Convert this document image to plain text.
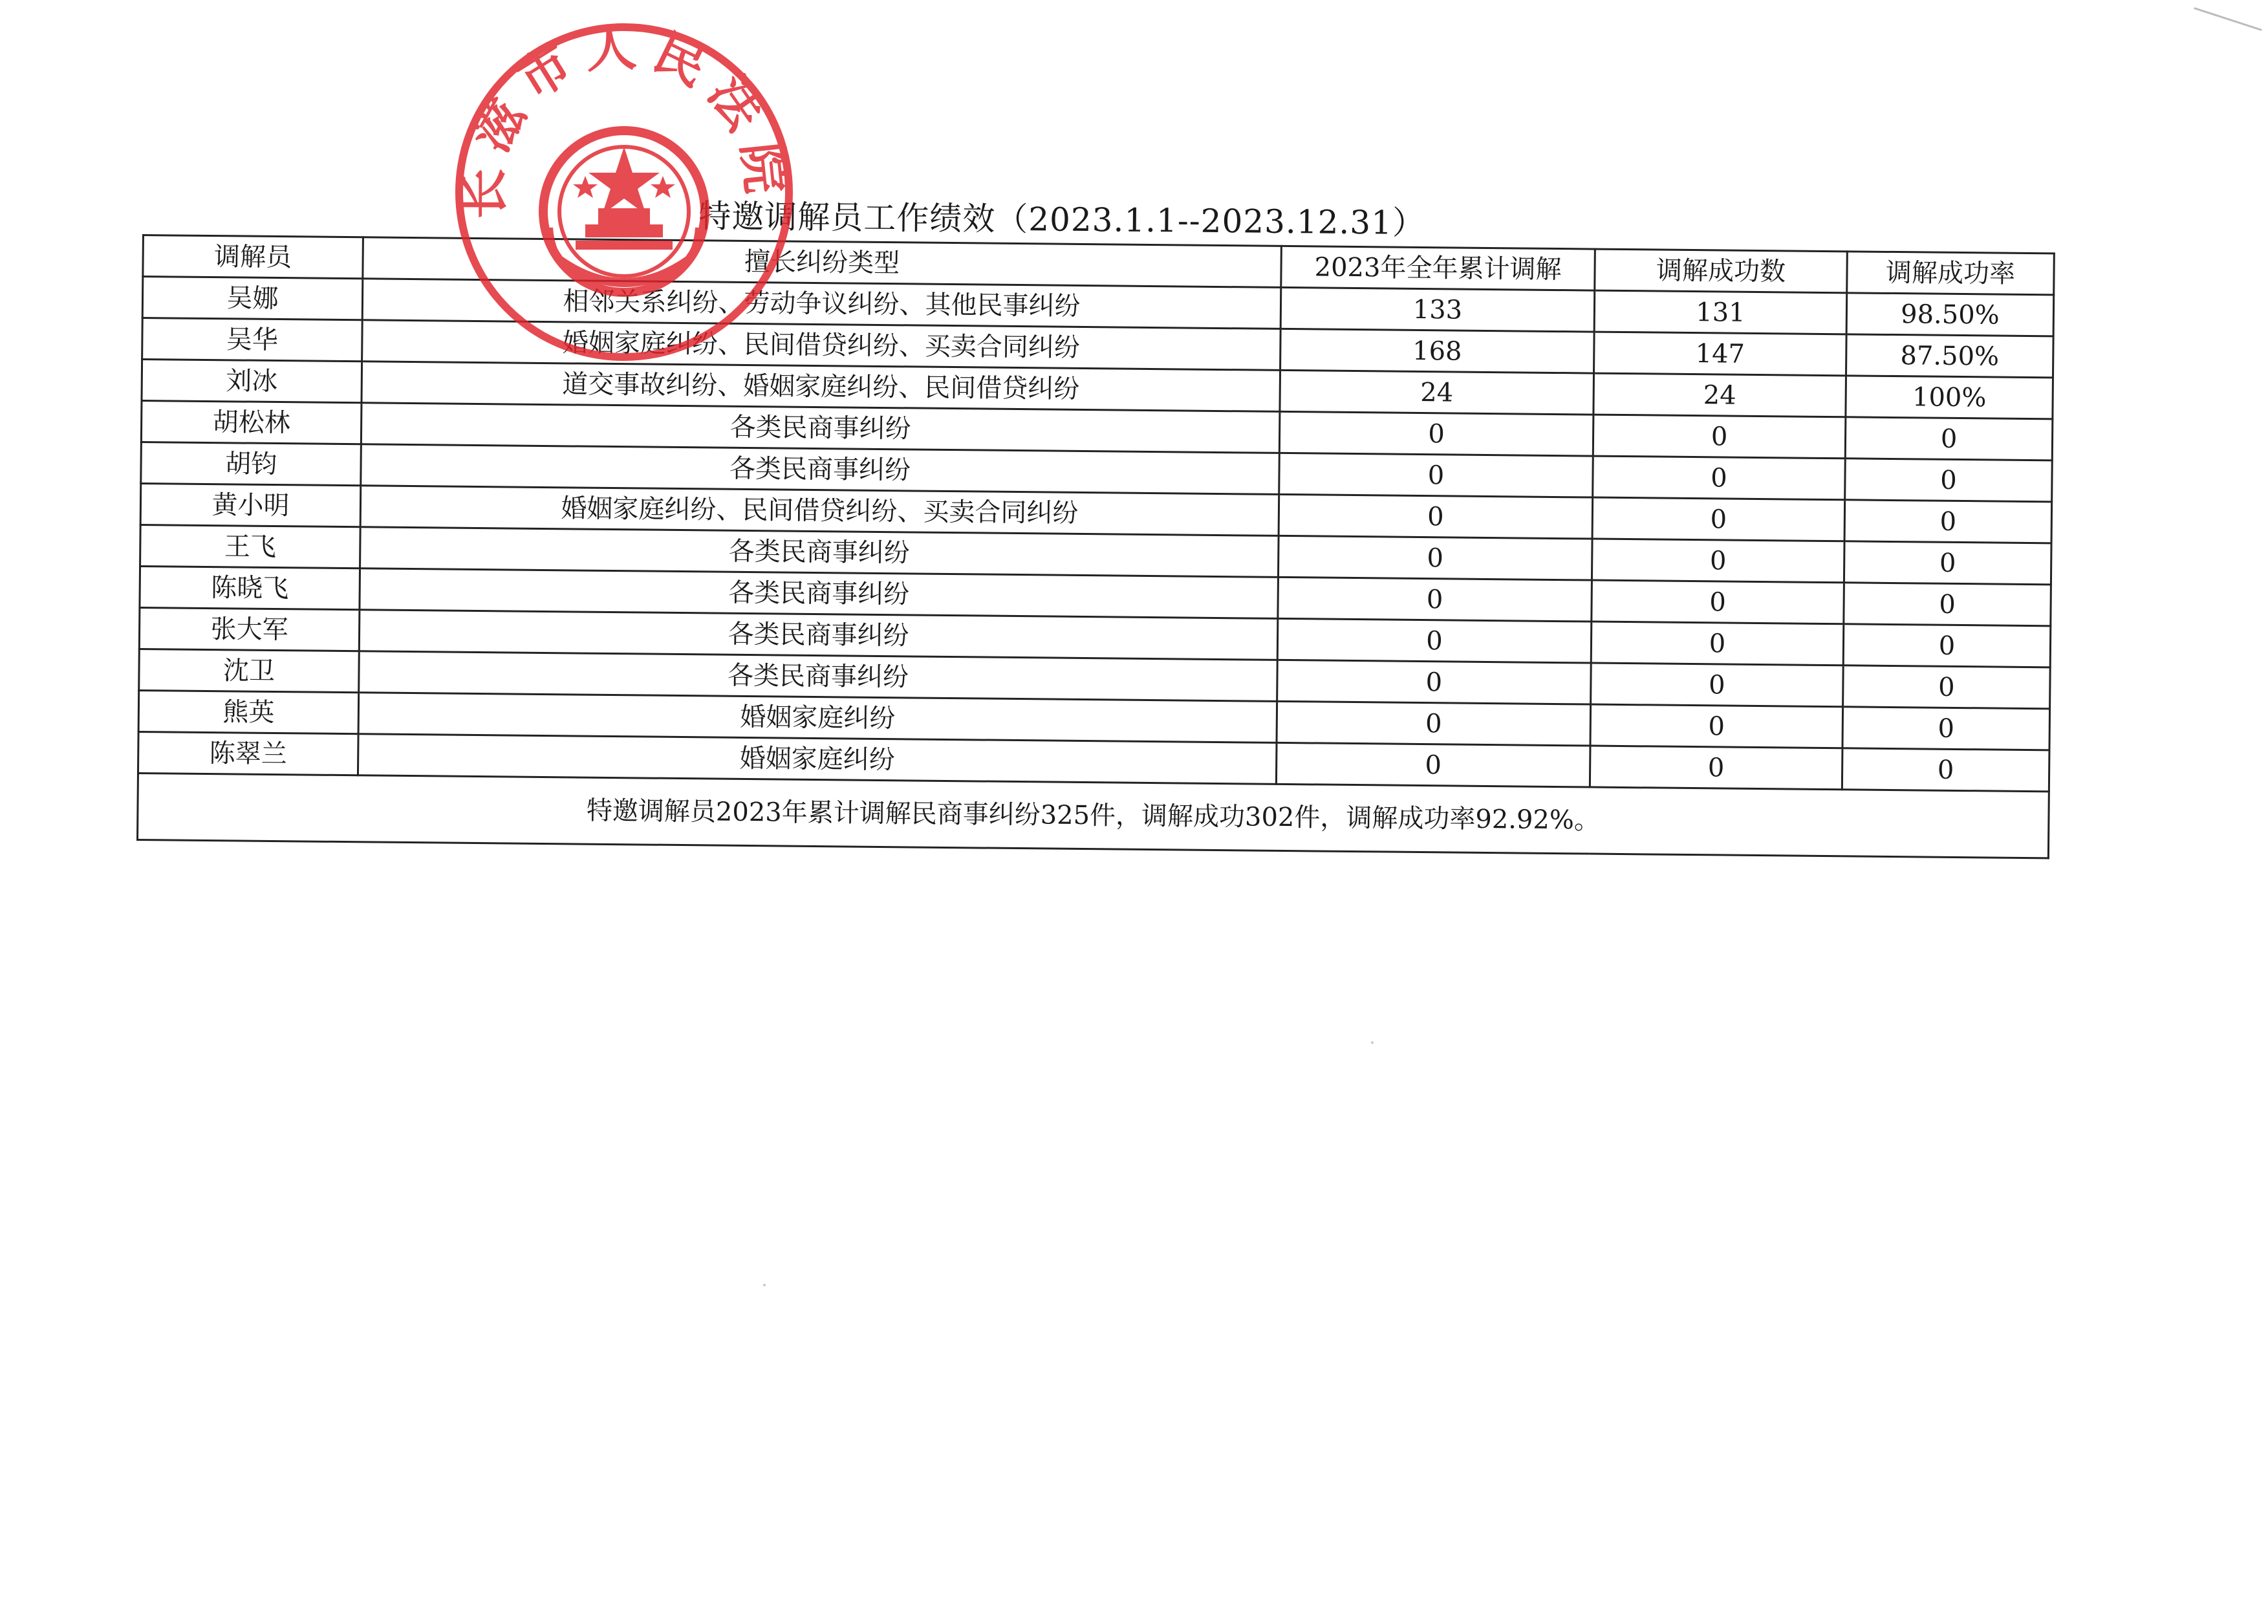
特邀调解员工作绩效（2023.1.1--2023.12.31）
调解员	擅长纠纷类型	2023年全年累计调解	调解成功数	调解成功率
吴娜	相邻关系纠纷、劳动争议纠纷、其他民事纠纷	133	131	98.50%
吴华	婚姻家庭纠纷、民间借贷纠纷、买卖合同纠纷	168	147	87.50%
刘冰	道交事故纠纷、婚姻家庭纠纷、民间借贷纠纷	24	24	100%
胡松林	各类民商事纠纷	0	0	0
胡钧	各类民商事纠纷	0	0	0
黄小明	婚姻家庭纠纷、民间借贷纠纷、买卖合同纠纷	0	0	0
王飞	各类民商事纠纷	0	0	0
陈晓飞	各类民商事纠纷	0	0	0
张大军	各类民商事纠纷	0	0	0
沈卫	各类民商事纠纷	0	0	0
熊英	婚姻家庭纠纷	0	0	0
陈翠兰	婚姻家庭纠纷	0	0	0
特邀调解员2023年累计调解民商事纠纷325件，调解成功302件，调解成功率92.92%。				
长滋市人民法院
